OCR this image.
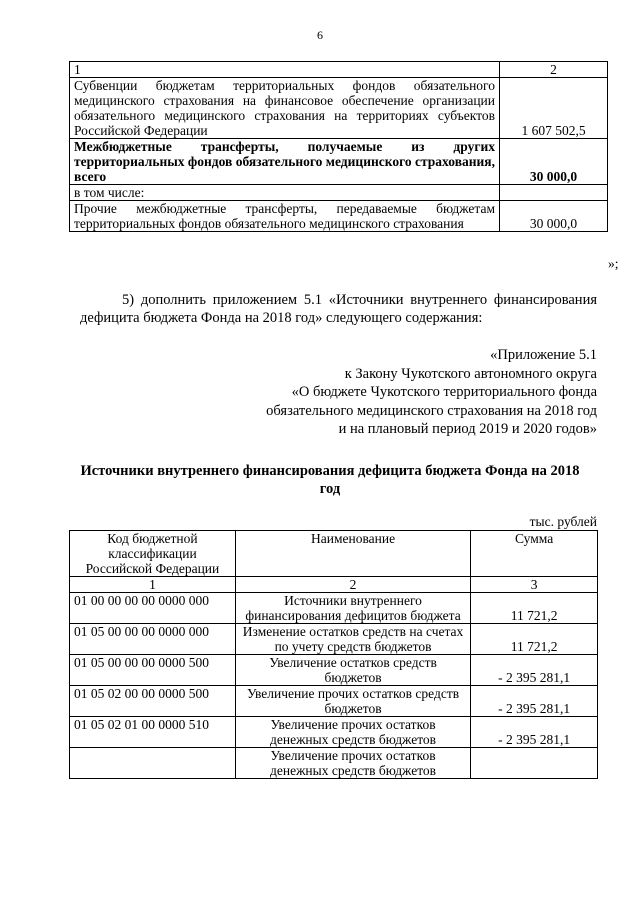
6
1	2
Субвенции бюджетам территориальных фондов обязательного медицинского страхования на финансовое обеспечение организации обязательного медицинского страхования на территориях субъектов Российской Федерации	1 607 502,5
Межбюджетные трансферты, получаемые из других территориальных фондов обязательного медицинского страхования, всего	30 000,0
в том числе:	
Прочие межбюджетные трансферты, передаваемые бюджетам территориальных фондов обязательного медицинского страхования	30 000,0
»;
5) дополнить приложением 5.1 «Источники внутреннего финансирования дефицита бюджета Фонда на 2018 год» следующего содержания:
«Приложение 5.1
к Закону Чукотского автономного округа
«О бюджете Чукотского территориального фонда
обязательного медицинского страхования на 2018 год
и на плановый период 2019 и 2020 годов»
Источники внутреннего финансирования дефицита бюджета Фонда на 2018 год
тыс. рублей
Код бюджетной классификации Российской Федерации	Наименование	Сумма
1	2	3
01 00 00 00 00 0000 000	Источники внутреннего финансирования дефицитов бюджета	11 721,2
01 05 00 00 00 0000 000	Изменение остатков средств на счетах по учету средств бюджетов	11 721,2
01 05 00 00 00 0000 500	Увеличение остатков средств бюджетов	- 2 395 281,1
01 05 02 00 00 0000 500	Увеличение прочих остатков средств бюджетов	- 2 395 281,1
01 05 02 01 00 0000 510	Увеличение прочих остатков денежных средств бюджетов	- 2 395 281,1
	Увеличение прочих остатков денежных средств бюджетов	
